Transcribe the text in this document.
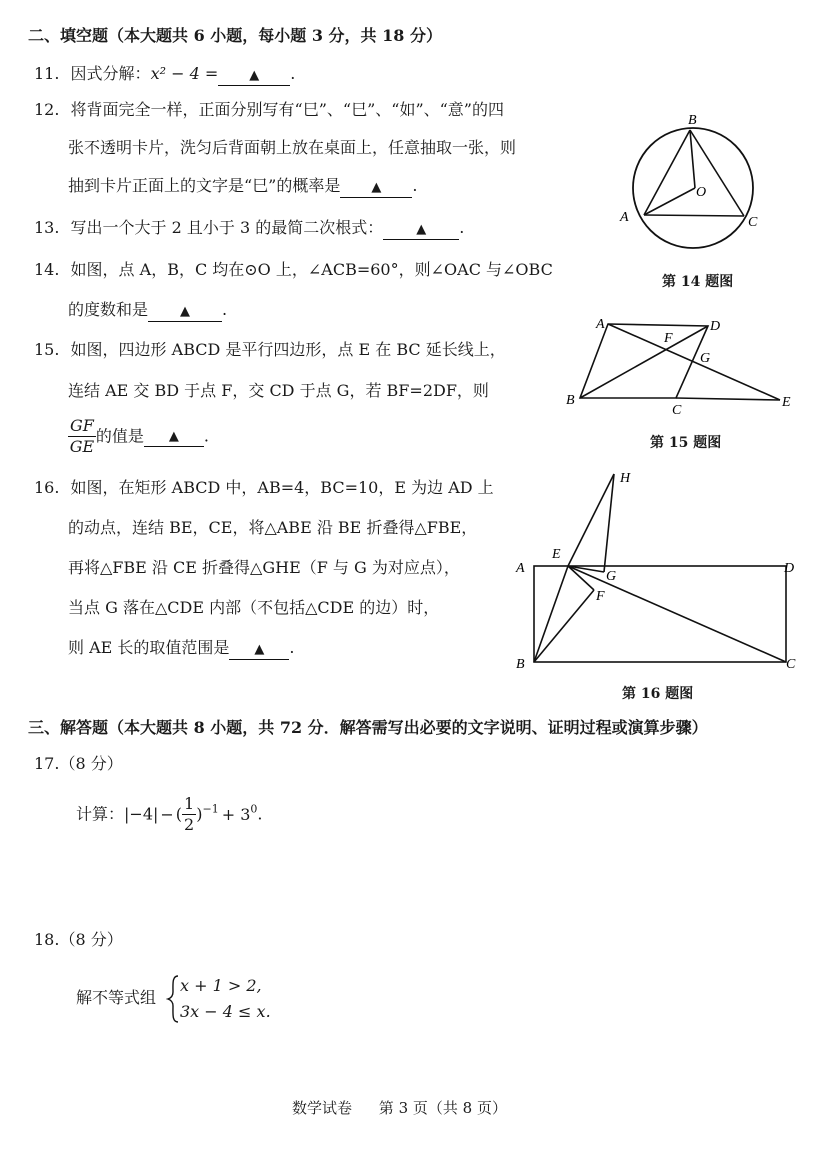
二、填空题（本大题共 6 小题，每小题 3 分，共 18 分）
11. 因式分解：x² − 4 = ▲ .
12. 将背面完全一样，正面分别写有“巳”、“巳”、“如”、“意”的四
张不透明卡片，洗匀后背面朝上放在桌面上，任意抽取一张，则
抽到卡片正面上的文字是“巳”的概率是 ▲ .
13. 写出一个大于 2 且小于 3 的最简二次根式：	▲ .
14. 如图，点 A，B，C 均在⊙O 上，∠ACB=60°，则∠OAC 与∠OBC
的度数和是 ▲ .
15. 如图，四边形 ABCD 是平行四边形，点 E 在 BC 延长线上，
连结 AE 交 BD 于点 F，交 CD 于点 G，若 BF=2DF，则
$\frac{GF}{GE}$ 的值是 ▲ .
16. 如图，在矩形 ABCD 中，AB=4，BC=10，E 为边 AD 上
的动点，连结 BE，CE，将△ABE 沿 BE 折叠得△FBE，
再将△FBE 沿 CE 折叠得△GHE（F 与 G 为对应点），
当点 G 落在△CDE 内部（不包括△CDE 的边）时，
则 AE 长的取值范围是 ▲ .
B
A	C
O
第 14 题图
A	D
F
G
B
C
E
第 15 题图
H
E
A
G
F
D
B	C
第 16 题图
三、解答题（本大题共 8 小题，共 72 分．解答需写出必要的文字说明、证明过程或演算步骤）
17.（8 分）
计算：|−4| − ( $\frac{1}{2} )^{-1} + 3^0$.
18.（8 分）
解不等式组
x + 1 > 2,
3x − 4 ≤ x.
数学试卷 第 3 页（共 8 页）
